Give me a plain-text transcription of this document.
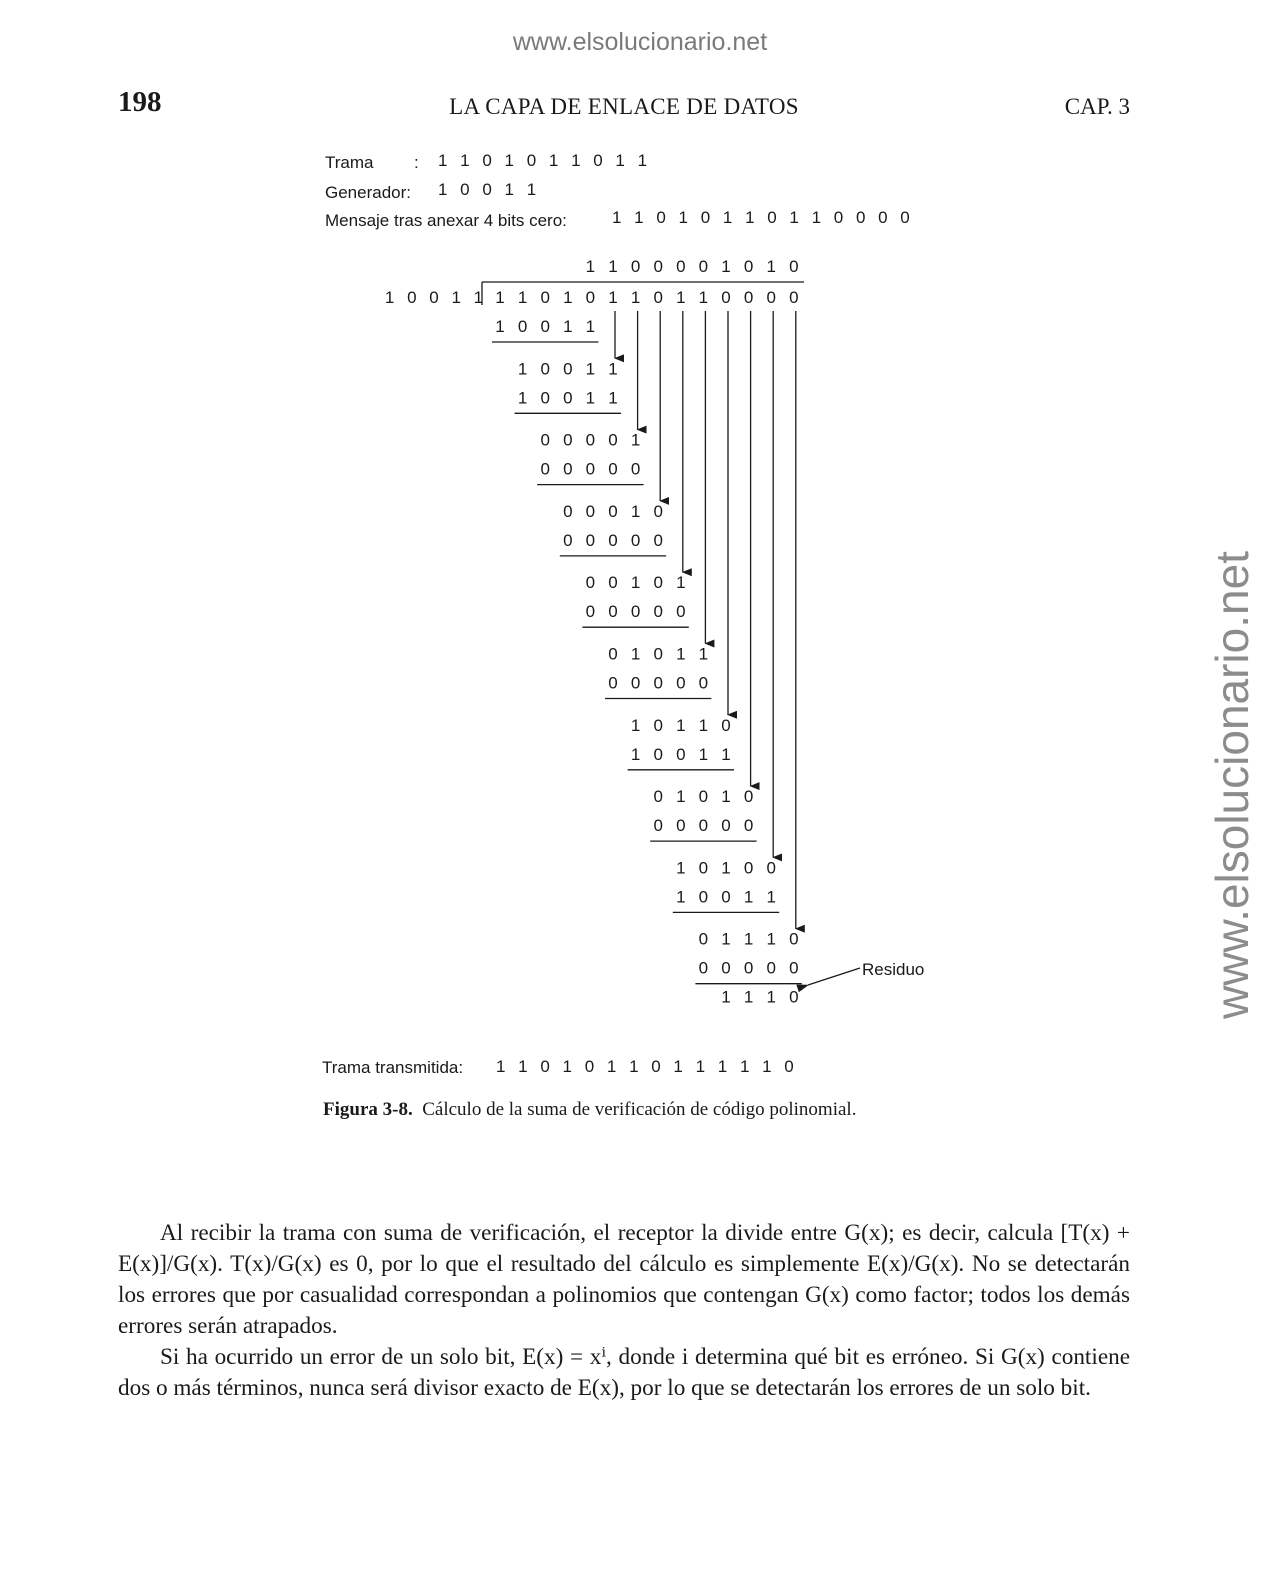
www.elsolucionario.net
www.elsolucionario.net
198	LA CAPA DE ENLACE DE DATOS	CAP. 3
Trama : 1 1 0 1 0 1 1 0 1 1
Generador: 1 0 0 1 1
Mensaje tras anexar 4 bits cero:	1 1 0 1 0 1 1 0 1 1 0 0 0 0
Trama transmitida: 1 1 0 1 0 1 1 0 1 1 1 1 1 0
1 1 0 0 0 0 1 0 1 0
1 1 0 1 0 1 1 0 1 1 0 0 0 0
1 0 0 1 1
1 0 0 1 1
1 0 0 1 1
1 0 0 1 1
0 0 0 0 1
0 0 0 0 0
0 0 0 1 0
0 0 0 0 0
0 0 1 0 1
0 0 0 0 0
0 1 0 1 1
0 0 0 0 0
1 0 1 1 0
1 0 0 1 1
0 1 0 1 0
0 0 0 0 0
1 0 1 0 0
1 0 0 1 1
0 1 1 1 0
0 0 0 0 0
1 1 1 0
Residuo
Figura 3-8. Cálculo de la suma de verificación de código polinomial.

Al recibir la trama con suma de verificación, el receptor la divide entre G(x); es decir, calcula [T(x) + E(x)]/G(x). T(x)/G(x) es 0, por lo que el resultado del cálculo es simplemente E(x)/G(x). No se detectarán los errores que por casualidad correspondan a polinomios que contengan G(x) como factor; todos los demás errores serán atrapados.

Si ha ocurrido un error de un solo bit, E(x) = xⁱ, donde i determina qué bit es erróneo. Si G(x) contiene dos o más términos, nunca será divisor exacto de E(x), por lo que se detectarán los errores de un solo bit.
